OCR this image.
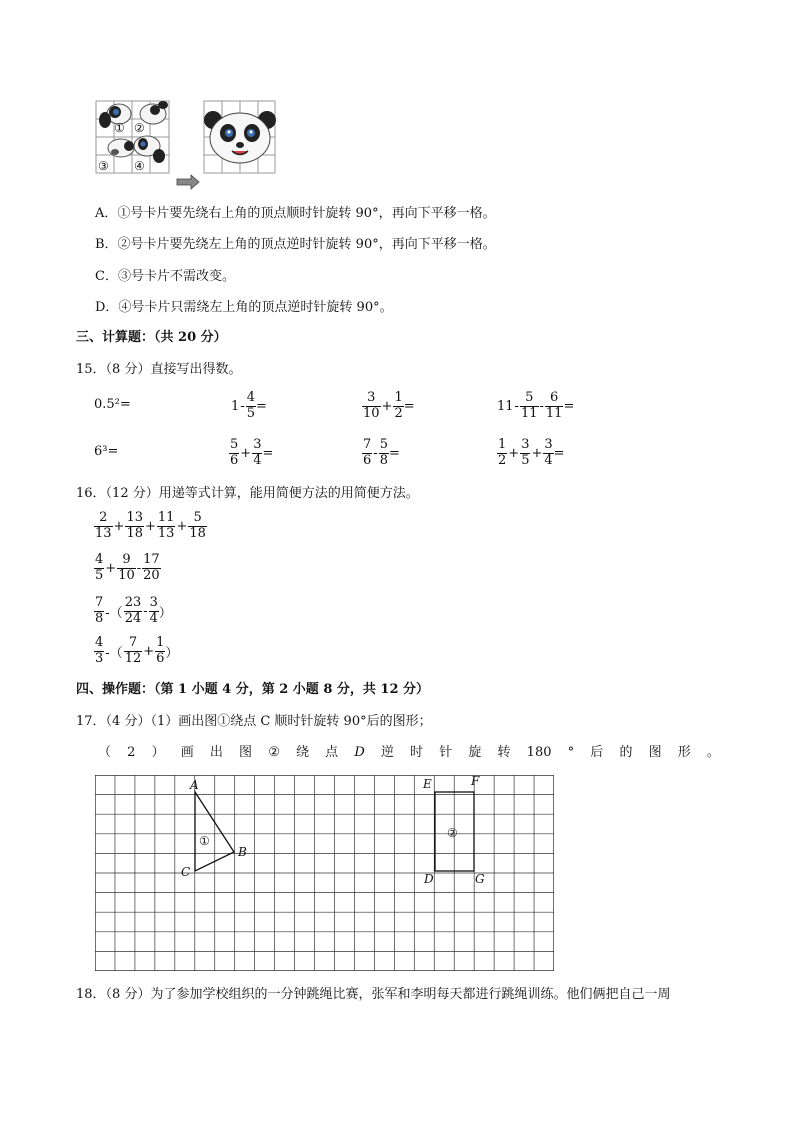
① ②
③ ④
A．①号卡片要先绕右上角的顶点顺时针旋转 90°，再向下平移一格。
B．②号卡片要先绕左上角的顶点逆时针旋转 90°，再向下平移一格。
C．③号卡片不需改变。
D．④号卡片只需绕左上角的顶点逆时针旋转 90°。
三、计算题：（共 20 分）
15．（8 分）直接写出得数。
0.5²=	$1 - \frac{4}{5}$ =	$\frac{3}{10} + \frac{1}{2}$ =	$11 - \frac{5}{11} - \frac{6}{11}$ =
6³=	$\frac{5}{6} + \frac{3}{4}$ =	$\frac{7}{6} - \frac{5}{8}$ =	$\frac{1}{2} + \frac{3}{5} + \frac{3}{4}$ =
16．（12 分）用递等式计算，能用简便方法的用简便方法。
$\frac{2}{13} + \frac{13}{18} + \frac{11}{13} + \frac{5}{18}$
$\frac{4}{5} + \frac{9}{10} - \frac{17}{20}$
$\frac{7}{8}$ -（ $\frac{23}{24} - \frac{3}{4}$ ）
$\frac{4}{3}$ -（ $\frac{7}{12} + \frac{1}{6}$ ）
四、操作题：（第 1 小题 4 分，第 2 小题 8 分，共 12 分）
17．（4 分）（1）画出图①绕点 C 顺时针旋转 90°后的图形；
（ 2 ） 画 出 图 ② 绕 点 D 逆 时 针 旋 转 180 ° 后 的 图 形 。
A
B
C
①
E	F
D	G
②
18．（8 分）为了参加学校组织的一分钟跳绳比赛，张军和李明每天都进行跳绳训练。他们俩把自己一周
